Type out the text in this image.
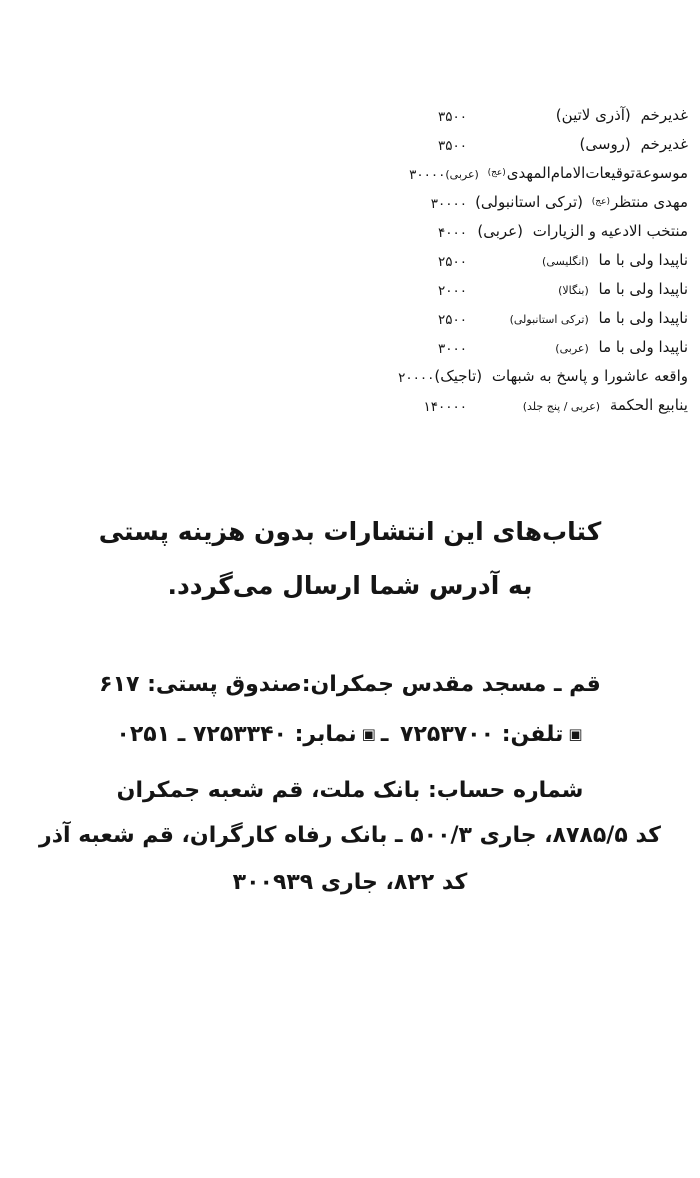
غدیرخم (آذری لاتین)
۳۵۰۰
غدیرخم (روسی)
۳۵۰۰
موسوعةتوقیعات‌الامام‌المهدی$^{(عج)}$ (عربی)
۳۰۰۰۰
مهدی منتظر$^{(عج)}$ (ترکی استانبولی)
۳۰۰۰۰
منتخب الادعیه و الزیارات (عربی)
۴۰۰۰
ناپیدا ولی با ما (انگلیسی)
۲۵۰۰
ناپیدا ولی با ما (بنگالا)
۲۰۰۰
ناپیدا ولی با ما (ترکی استانبولی)
۲۵۰۰
ناپیدا ولی با ما (عربی)
۳۰۰۰
واقعه عاشورا و پاسخ به شبهات (تاجیک)
۲۰۰۰۰
ینابیع الحکمة (عربی / پنج جلد)
۱۴۰۰۰۰
کتاب‌های این انتشارات بدون هزینه پستی
به آدرس شما ارسال می‌گردد.
قم ـ مسجد مقدس جمکران:صندوق پستی: ۶۱۷
▣تلفن: ۷۲۵۳۷۰۰ ـ▣نمابر: ۷۲۵۳۳۴۰ ـ ۰۲۵۱
شماره حساب: بانک ملت، قم شعبه جمکران
کد ۸۷۸۵/۵، جاری ۵۰۰/۳ ـ بانک رفاه کارگران، قم شعبه آذر
کد ۸۲۲، جاری ۳۰۰۹۳۹
